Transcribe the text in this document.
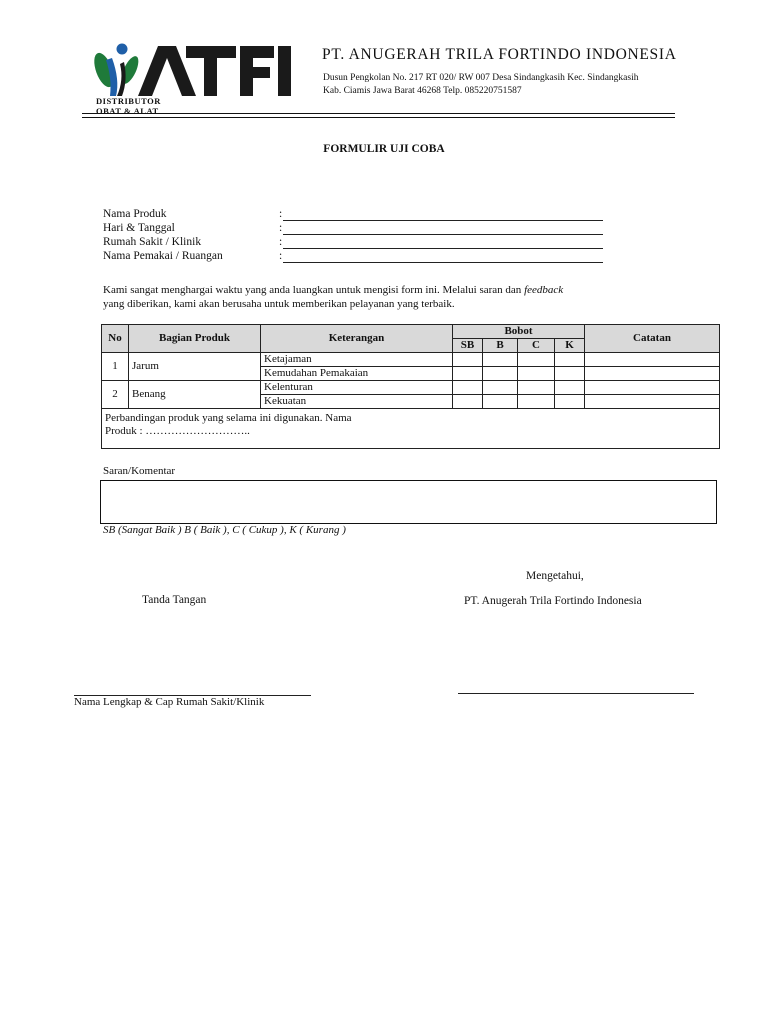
DISTRIBUTOR
OBAT & ALAT
PT. ANUGERAH TRILA FORTINDO INDONESIA
Dusun Pengkolan No. 217 RT 020/ RW 007 Desa Sindangkasih Kec. Sindangkasih
Kab. Ciamis Jawa Barat 46268 Telp. 085220751587
FORMULIR UJI COBA
Nama Produk	:
Hari & Tanggal	:
Rumah Sakit / Klinik	:
Nama Pemakai / Ruangan	:
Kami sangat menghargai waktu yang anda luangkan untuk mengisi form ini. Melalui saran dan feedback
yang diberikan, kami akan berusaha untuk memberikan pelayanan yang terbaik.
No	Bagian Produk	Keterangan	Bobot				Catatan
			SB	B	C	K	
1	Jarum	Ketajaman					
		Kemudahan Pemakaian					
2	Benang	Kelenturan					
		Kekuatan					

Perbandingan produk yang selama ini digunakan. Nama
Produk : ………………………..							
Saran/Komentar
SB (Sangat Baik ) B ( Baik ), C ( Cukup ), K ( Kurang )
Mengetahui,
Tanda Tangan	PT. Anugerah Trila Fortindo Indonesia
Nama Lengkap & Cap Rumah Sakit/Klinik
